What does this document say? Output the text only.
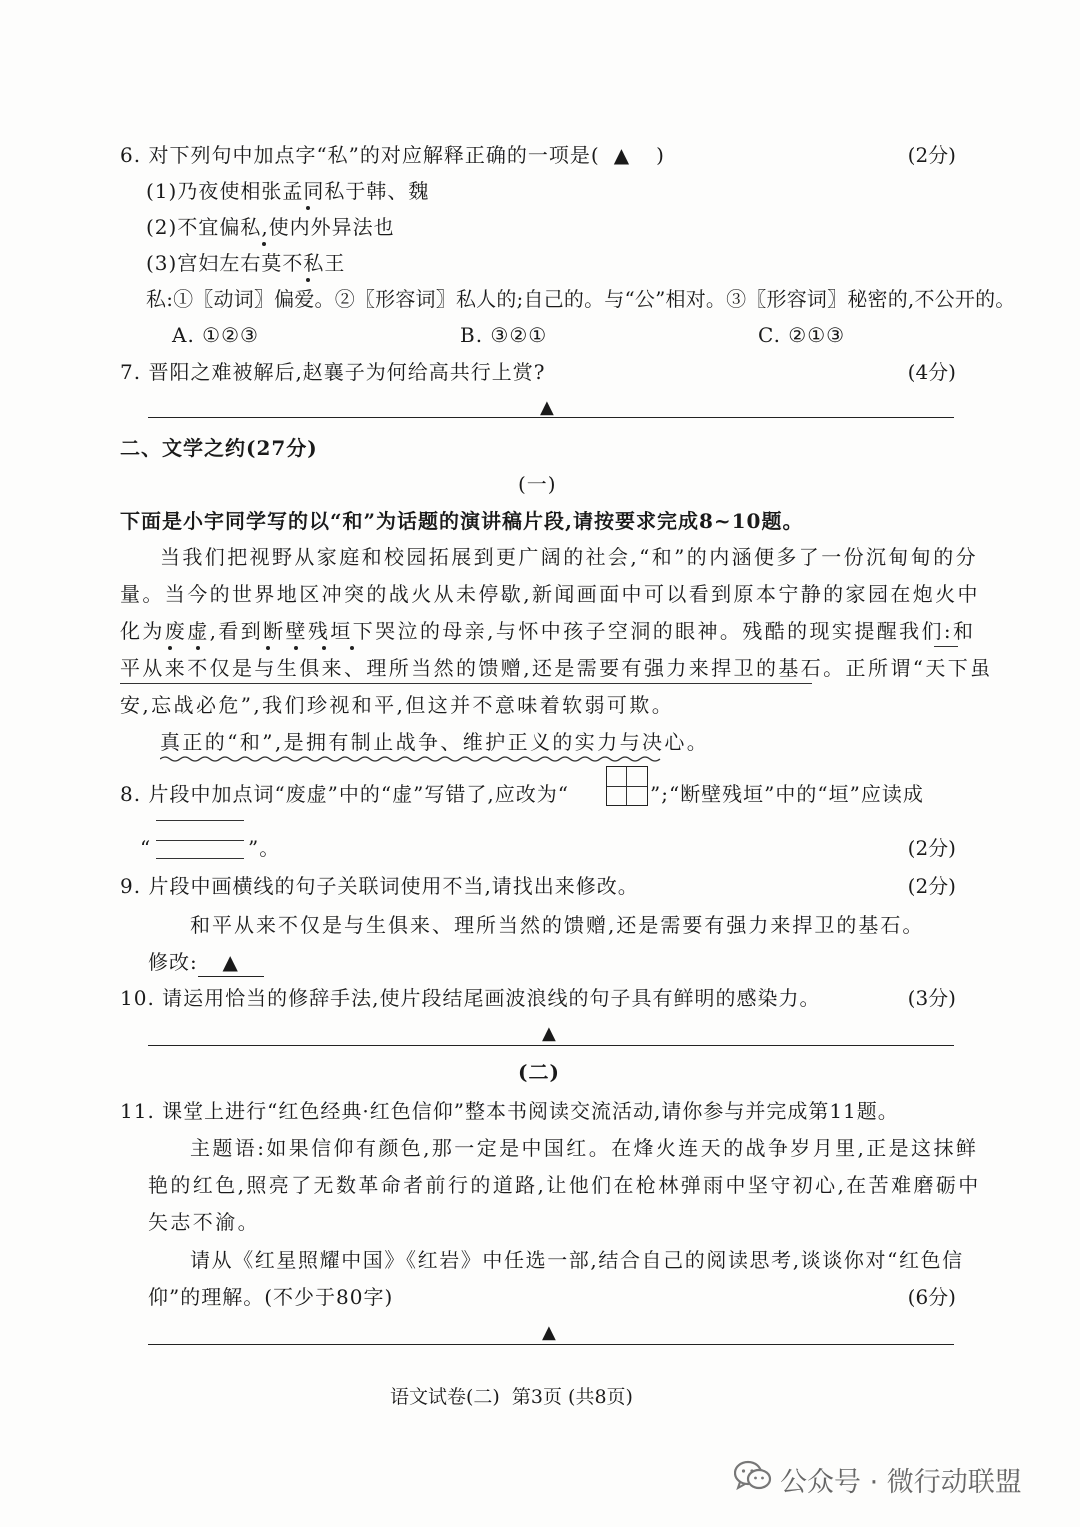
6. 对下列句中加点字“私”的对应解释正确的一项是( ▲ )	(2分)
(1)乃夜使相张孟同私于韩、魏
(2)不宜偏私,使内外异法也
(3)宫妇左右莫不私王
私:①〖动词〗偏爱。②〖形容词〗私人的;自己的。与“公”相对。③〖形容词〗秘密的,不公开的。
A. ①②③	B. ③②①	C. ②①③
7. 晋阳之难被解后,赵襄子为何给高共行上赏?	(4分)
▲
二、文学之约(27分)
(一)
下面是小宇同学写的以“和”为话题的演讲稿片段,请按要求完成8~10题。
当我们把视野从家庭和校园拓展到更广阔的社会,“和”的内涵便多了一份沉甸甸的分
量。当今的世界地区冲突的战火从未停歇,新闻画面中可以看到原本宁静的家园在炮火中
化为废虚,看到断壁残垣下哭泣的母亲,与怀中孩子空洞的眼神。残酷的现实提醒我们:和
平从来不仅是与生俱来、理所当然的馈赠,还是需要有强力来捍卫的基石。正所谓“天下虽
安,忘战必危”,我们珍视和平,但这并不意味着软弱可欺。
真正的“和”,是拥有制止战争、维护正义的实力与决心。
8. 片段中加点词“废虚”中的“虚”写错了,应改为“	”;“断壁残垣”中的“垣”应读成
“	”。	(2分)
9. 片段中画横线的句子关联词使用不当,请找出来修改。	(2分)
和平从来不仅是与生俱来、理所当然的馈赠,还是需要有强力来捍卫的基石。
修改: ▲
10. 请运用恰当的修辞手法,使片段结尾画波浪线的句子具有鲜明的感染力。	(3分)
▲
(二)
11. 课堂上进行“红色经典·红色信仰”整本书阅读交流活动,请你参与并完成第11题。
主题语:如果信仰有颜色,那一定是中国红。在烽火连天的战争岁月里,正是这抹鲜
艳的红色,照亮了无数革命者前行的道路,让他们在枪林弹雨中坚守初心,在苦难磨砺中
矢志不渝。
请从《红星照耀中国》《红岩》中任选一部,结合自己的阅读思考,谈谈你对“红色信
仰”的理解。(不少于80字)	(6分)
▲
语文试卷(二)  第3页 (共8页)
公众号 · 微行动联盟
